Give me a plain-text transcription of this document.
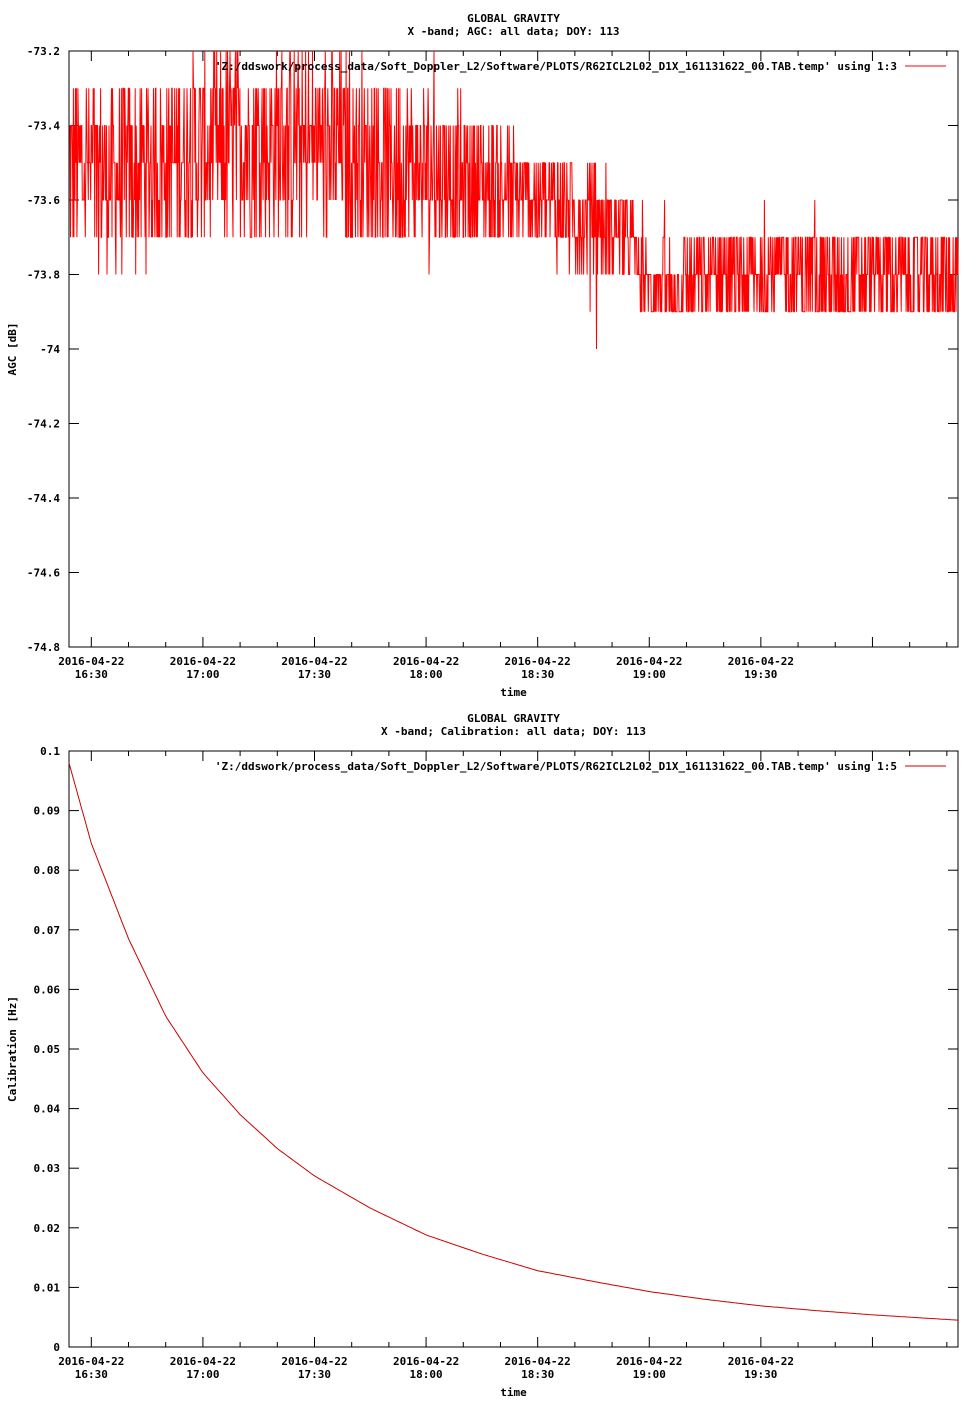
GLOBAL GRAVITY
X -band; AGC: all data; DOY: 113
-73.2
-73.4
-73.6
-73.8
-74
-74.2
-74.4
-74.6
-74.8
2016-04-22
16:30
2016-04-22
17:00
2016-04-22
17:30
2016-04-22
18:00
2016-04-22
18:30
2016-04-22
19:00
2016-04-22
19:30
time
AGC [dB]
'Z:/ddswork/process_data/Soft_Doppler_L2/Software/PLOTS/R62ICL2L02_D1X_161131622_00.TAB.temp' using 1:3
GLOBAL GRAVITY
X -band; Calibration: all data; DOY: 113
0.1
0.09
0.08
0.07
0.06
0.05
0.04
0.03
0.02
0.01
0
2016-04-22
16:30
2016-04-22
17:00
2016-04-22
17:30
2016-04-22
18:00
2016-04-22
18:30
2016-04-22
19:00
2016-04-22
19:30
time
Calibration [Hz]
'Z:/ddswork/process_data/Soft_Doppler_L2/Software/PLOTS/R62ICL2L02_D1X_161131622_00.TAB.temp' using 1:5
